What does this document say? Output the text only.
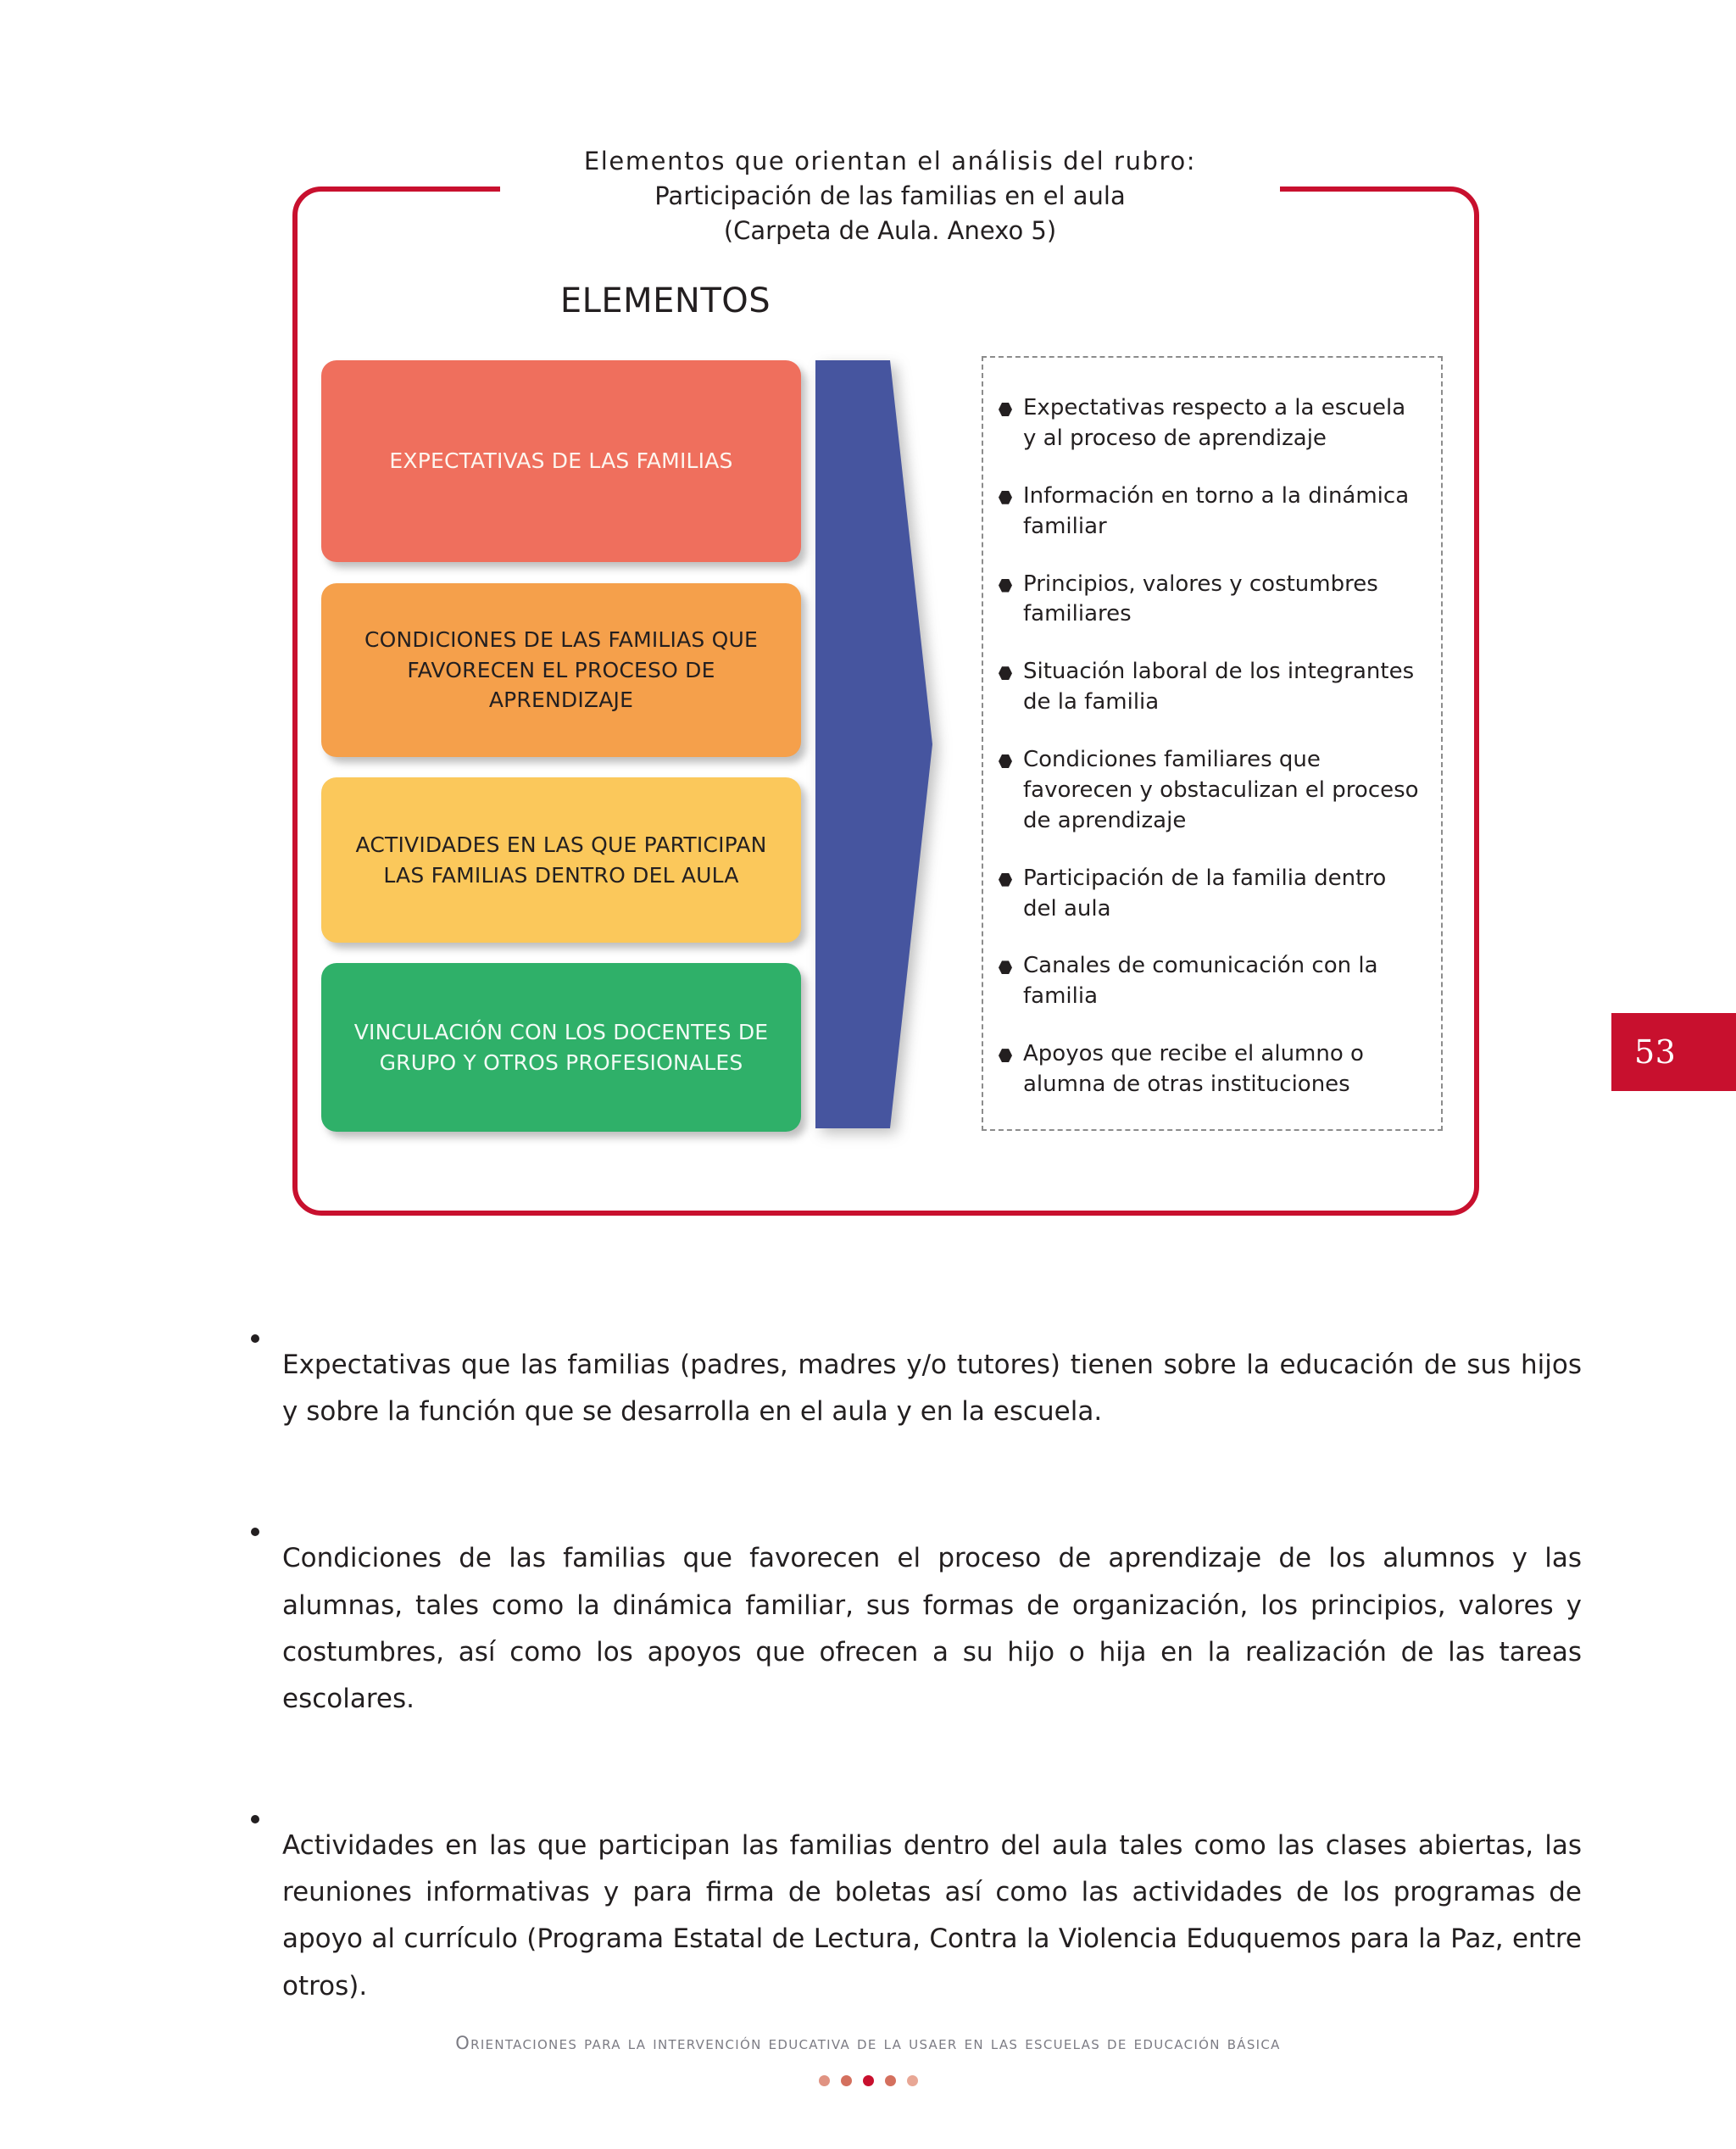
53
Elementos que orientan el análisis del rubro:
Participación de las familias en el aula
(Carpeta de Aula. Anexo 5)
ELEMENTOS
EXPECTATIVAS DE LAS FAMILIAS
CONDICIONES DE LAS FAMILIAS QUE FAVORECEN EL PROCESO DE APRENDIZAJE
ACTIVIDADES EN LAS QUE PARTICIPAN LAS FAMILIAS DENTRO DEL AULA
VINCULACIÓN CON LOS DOCENTES DE GRUPO Y OTROS PROFESIONALES
Expectativas respecto a la escuela y al proceso de aprendizaje
Información en torno a la dinámica familiar
Principios, valores y costumbres familiares
Situación laboral de los integrantes de la familia
Condiciones familiares que favorecen y obstaculizan el proceso de aprendizaje
Participación de la familia dentro del aula
Canales de comunicación con la familia
Apoyos que recibe el alumno o alumna de otras instituciones

Expectativas que las familias (padres, madres y/o tutores) tienen sobre la educación de sus hijos y sobre la función que se desarrolla en el aula y en la escuela.

Condiciones de las familias que favorecen el proceso de aprendizaje de los alumnos y las alumnas, tales como la dinámica familiar, sus formas de organización, los principios, valores y costumbres, así como los apoyos que ofrecen a su hijo o hija en la realización de las tareas escolares.

Actividades en las que participan las familias dentro del aula tales como las clases abiertas, las reuniones informativas y para firma de boletas así como las actividades de los programas de apoyo al currículo (Programa Estatal de Lectura, Contra la Violencia Eduquemos para la Paz, entre otros).

Orientaciones para la intervención educativa de la usaer en las escuelas de educación básica
